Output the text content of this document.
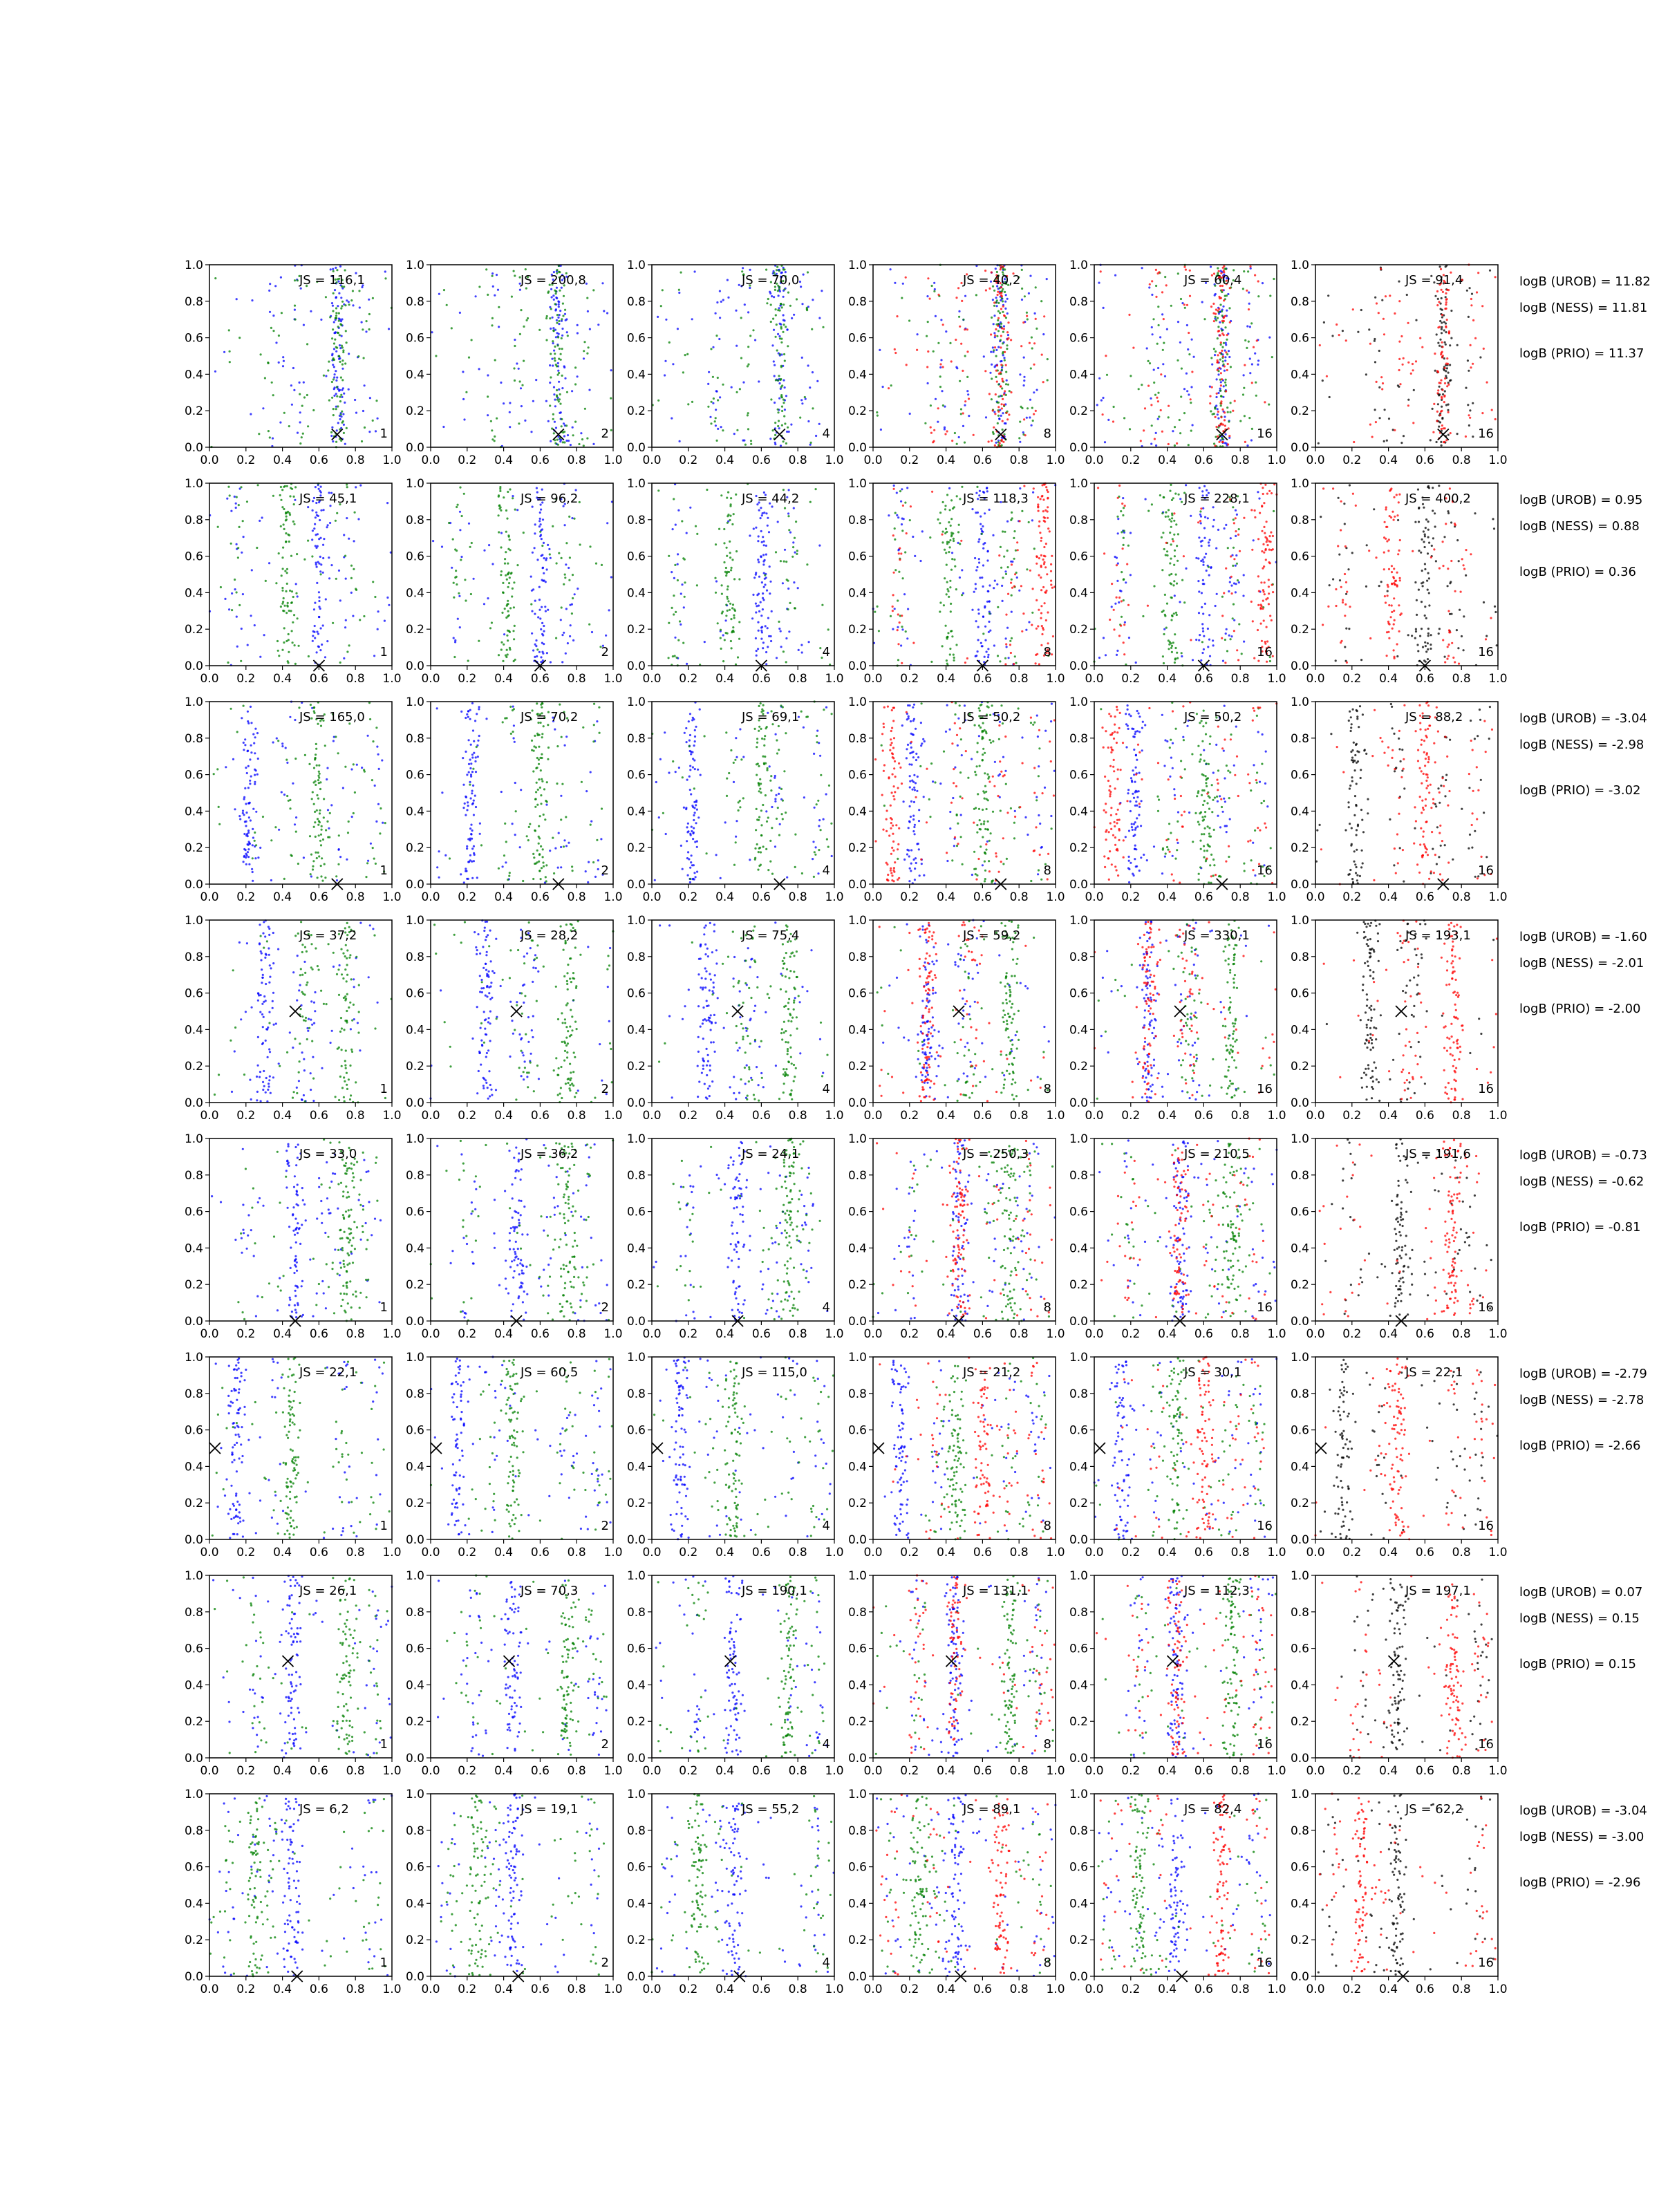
0.0 0.2 0.4 0.6 0.8 1.0
0.0
0.2
0.4
0.6
0.8
1.0
JS = 116,1
1
0.0 0.2 0.4 0.6 0.8 1.0
0.0
0.2
0.4
0.6
0.8
1.0
JS = 200,8
2
0.0 0.2 0.4 0.6 0.8 1.0
0.0
0.2
0.4
0.6
0.8
1.0
JS = 70,0
4
0.0 0.2 0.4 0.6 0.8 1.0
0.0
0.2
0.4
0.6
0.8
1.0
JS = 40,2
8
0.0 0.2 0.4 0.6 0.8 1.0
0.0
0.2
0.4
0.6
0.8
1.0
JS = 60,4
16
0.0 0.2 0.4 0.6 0.8 1.0
0.0
0.2
0.4
0.6
0.8
1.0
JS = 91,4
16
logB (UROB) = 11.82
logB (NESS) = 11.81
logB (PRIO) = 11.37
0.0 0.2 0.4 0.6 0.8 1.0
0.0
0.2
0.4
0.6
0.8
1.0
JS = 45,1
1
0.0 0.2 0.4 0.6 0.8 1.0
0.0
0.2
0.4
0.6
0.8
1.0
JS = 96,2
2
0.0 0.2 0.4 0.6 0.8 1.0
0.0
0.2
0.4
0.6
0.8
1.0
JS = 44,2
4
0.0 0.2 0.4 0.6 0.8 1.0
0.0
0.2
0.4
0.6
0.8
1.0
JS = 118,3
8
0.0 0.2 0.4 0.6 0.8 1.0
0.0
0.2
0.4
0.6
0.8
1.0
JS = 228,1
16
0.0 0.2 0.4 0.6 0.8 1.0
0.0
0.2
0.4
0.6
0.8
1.0
JS = 400,2
16
logB (UROB) = 0.95
logB (NESS) = 0.88
logB (PRIO) = 0.36
0.0 0.2 0.4 0.6 0.8 1.0
0.0
0.2
0.4
0.6
0.8
1.0
JS = 165,0
1
0.0 0.2 0.4 0.6 0.8 1.0
0.0
0.2
0.4
0.6
0.8
1.0
JS = 70,2
2
0.0 0.2 0.4 0.6 0.8 1.0
0.0
0.2
0.4
0.6
0.8
1.0
JS = 69,1
4
0.0 0.2 0.4 0.6 0.8 1.0
0.0
0.2
0.4
0.6
0.8
1.0
JS = 50,2
8
0.0 0.2 0.4 0.6 0.8 1.0
0.0
0.2
0.4
0.6
0.8
1.0
JS = 50,2
16
0.0 0.2 0.4 0.6 0.8 1.0
0.0
0.2
0.4
0.6
0.8
1.0
JS = 88,2
16
logB (UROB) = -3.04
logB (NESS) = -2.98
logB (PRIO) = -3.02
0.0 0.2 0.4 0.6 0.8 1.0
0.0
0.2
0.4
0.6
0.8
1.0
JS = 37,2
1
0.0 0.2 0.4 0.6 0.8 1.0
0.0
0.2
0.4
0.6
0.8
1.0
JS = 28,2
2
0.0 0.2 0.4 0.6 0.8 1.0
0.0
0.2
0.4
0.6
0.8
1.0
JS = 75,4
4
0.0 0.2 0.4 0.6 0.8 1.0
0.0
0.2
0.4
0.6
0.8
1.0
JS = 59,2
8
0.0 0.2 0.4 0.6 0.8 1.0
0.0
0.2
0.4
0.6
0.8
1.0
JS = 330,1
16
0.0 0.2 0.4 0.6 0.8 1.0
0.0
0.2
0.4
0.6
0.8
1.0
JS = 193,1
16
logB (UROB) = -1.60
logB (NESS) = -2.01
logB (PRIO) = -2.00
0.0 0.2 0.4 0.6 0.8 1.0
0.0
0.2
0.4
0.6
0.8
1.0
JS = 33,0
1
0.0 0.2 0.4 0.6 0.8 1.0
0.0
0.2
0.4
0.6
0.8
1.0
JS = 36,2
2
0.0 0.2 0.4 0.6 0.8 1.0
0.0
0.2
0.4
0.6
0.8
1.0
JS = 24,1
4
0.0 0.2 0.4 0.6 0.8 1.0
0.0
0.2
0.4
0.6
0.8
1.0
JS = 250,3
8
0.0 0.2 0.4 0.6 0.8 1.0
0.0
0.2
0.4
0.6
0.8
1.0
JS = 210,5
16
0.0 0.2 0.4 0.6 0.8 1.0
0.0
0.2
0.4
0.6
0.8
1.0
JS = 191,6
16
logB (UROB) = -0.73
logB (NESS) = -0.62
logB (PRIO) = -0.81
0.0 0.2 0.4 0.6 0.8 1.0
0.0
0.2
0.4
0.6
0.8
1.0
JS = 22,1
1
0.0 0.2 0.4 0.6 0.8 1.0
0.0
0.2
0.4
0.6
0.8
1.0
JS = 60,5
2
0.0 0.2 0.4 0.6 0.8 1.0
0.0
0.2
0.4
0.6
0.8
1.0
JS = 115,0
4
0.0 0.2 0.4 0.6 0.8 1.0
0.0
0.2
0.4
0.6
0.8
1.0
JS = 21,2
8
0.0 0.2 0.4 0.6 0.8 1.0
0.0
0.2
0.4
0.6
0.8
1.0
JS = 30,1
16
0.0 0.2 0.4 0.6 0.8 1.0
0.0
0.2
0.4
0.6
0.8
1.0
JS = 22,1
16
logB (UROB) = -2.79
logB (NESS) = -2.78
logB (PRIO) = -2.66
0.0 0.2 0.4 0.6 0.8 1.0
0.0
0.2
0.4
0.6
0.8
1.0
JS = 26,1
1
0.0 0.2 0.4 0.6 0.8 1.0
0.0
0.2
0.4
0.6
0.8
1.0
JS = 70,3
2
0.0 0.2 0.4 0.6 0.8 1.0
0.0
0.2
0.4
0.6
0.8
1.0
JS = 190,1
4
0.0 0.2 0.4 0.6 0.8 1.0
0.0
0.2
0.4
0.6
0.8
1.0
JS = 131,1
8
0.0 0.2 0.4 0.6 0.8 1.0
0.0
0.2
0.4
0.6
0.8
1.0
JS = 112,3
16
0.0 0.2 0.4 0.6 0.8 1.0
0.0
0.2
0.4
0.6
0.8
1.0
JS = 197,1
16
logB (UROB) = 0.07
logB (NESS) = 0.15
logB (PRIO) = 0.15
0.0 0.2 0.4 0.6 0.8 1.0
0.0
0.2
0.4
0.6
0.8
1.0
JS = 6,2
1
0.0 0.2 0.4 0.6 0.8 1.0
0.0
0.2
0.4
0.6
0.8
1.0
JS = 19,1
2
0.0 0.2 0.4 0.6 0.8 1.0
0.0
0.2
0.4
0.6
0.8
1.0
JS = 55,2
4
0.0 0.2 0.4 0.6 0.8 1.0
0.0
0.2
0.4
0.6
0.8
1.0
JS = 89,1
8
0.0 0.2 0.4 0.6 0.8 1.0
0.0
0.2
0.4
0.6
0.8
1.0
JS = 82,4
16
0.0 0.2 0.4 0.6 0.8 1.0
0.0
0.2
0.4
0.6
0.8
1.0
JS = 62,2
16
logB (UROB) = -3.04
logB (NESS) = -3.00
logB (PRIO) = -2.96
